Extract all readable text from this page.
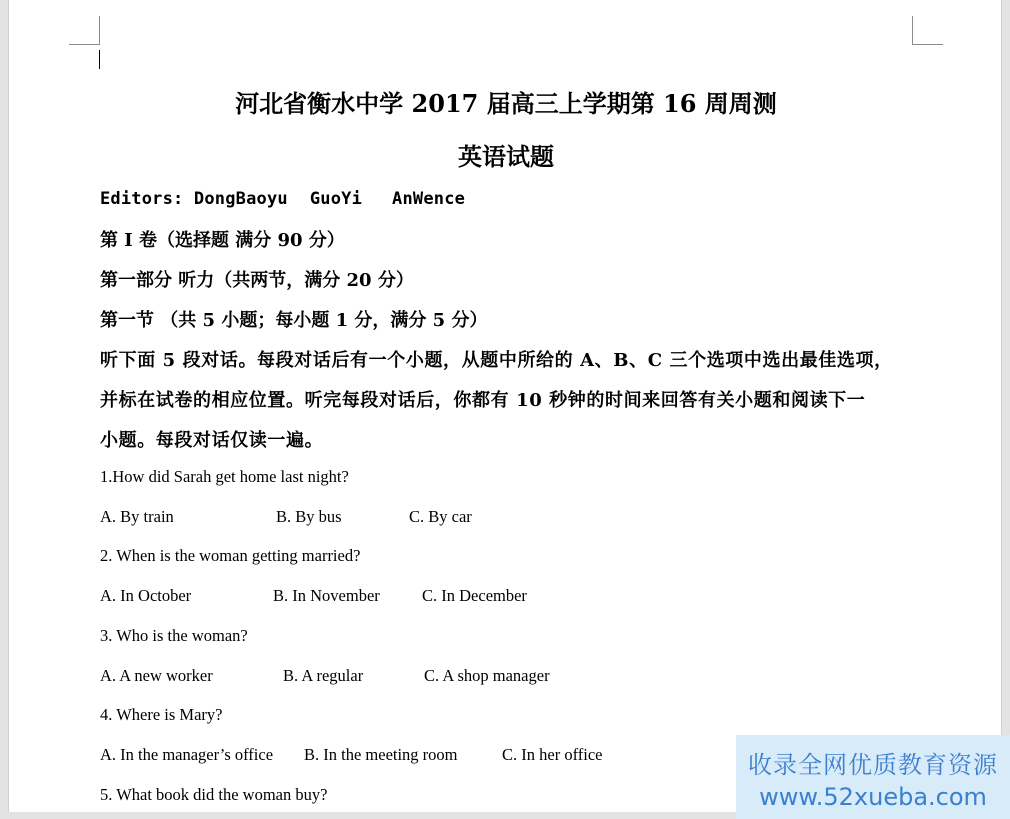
河北省衡水中学 2017 届高三上学期第 16 周周测
英语试题
Editors: DongBaoyu GuoYi AnWence
第 I 卷（选择题 满分 90 分）
第一部分 听力（共两节，满分 20 分）
第一节 （共 5 小题；每小题 1 分，满分 5 分）
听下面 5 段对话。每段对话后有一个小题，从题中所给的 A、B、C 三个选项中选出最佳选项，
并标在试卷的相应位置。听完每段对话后，你都有 10 秒钟的时间来回答有关小题和阅读下一
小题。每段对话仅读一遍。
1.How did Sarah get home last night?
A. By train	B. By bus	C. By car
2. When is the woman getting married?
A. In October	B. In November	C. In December
3. Who is the woman?
A. A new worker	B. A regular	C. A shop manager
4. Where is Mary?
A. In the manager’s office B. In the meeting room	C. In her office
5. What book did the woman buy?
收录全网优质教育资源
www.52xueba.com
